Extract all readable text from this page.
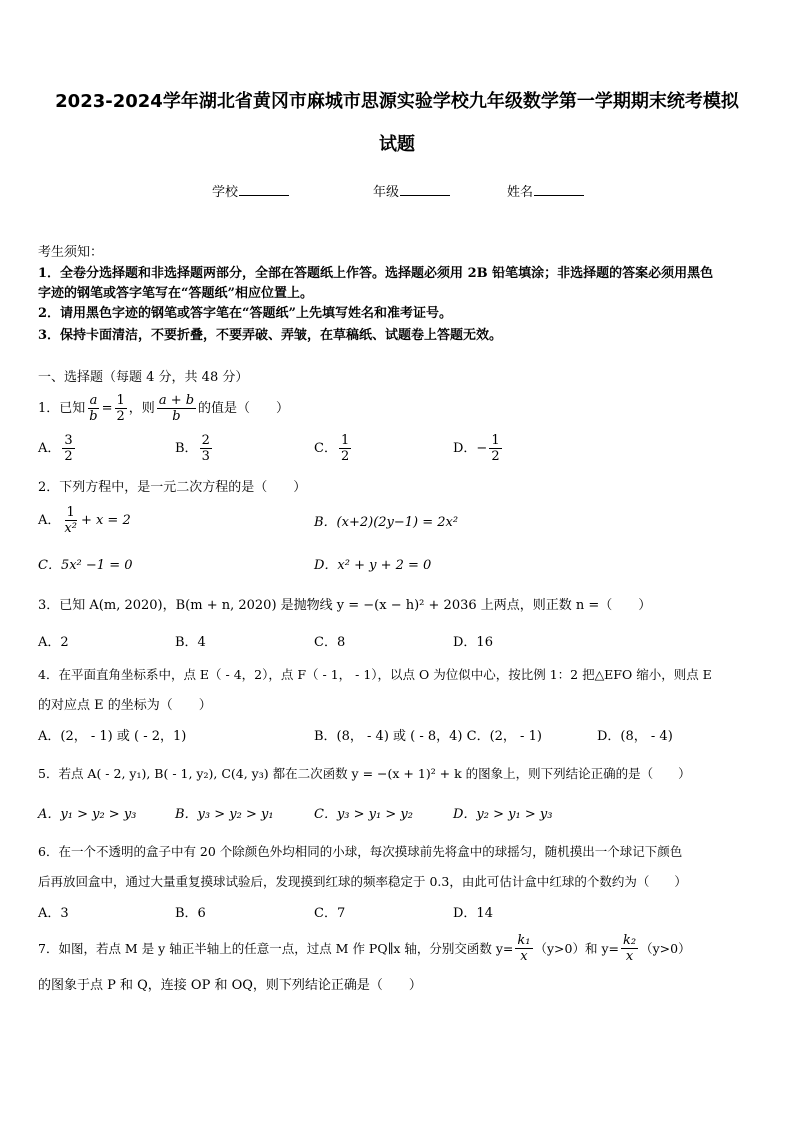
2023-2024学年湖北省黄冈市麻城市思源实验学校九年级数学第一学期期末统考模拟
试题
学校	年级	姓名
考生须知：
1．全卷分选择题和非选择题两部分，全部在答题纸上作答。选择题必须用 2B 铅笔填涂；非选择题的答案必须用黑色
字迹的钢笔或答字笔写在“答题纸”相应位置上。
2．请用黑色字迹的钢笔或答字笔在“答题纸”上先填写姓名和准考证号。
3．保持卡面清洁，不要折叠，不要弄破、弄皱，在草稿纸、试题卷上答题无效。
一、选择题（每题 4 分，共 48 分）
1．已知 $\frac{a}{b} = \frac{1}{2}$ ，则 $\frac{a + b}{b}$ 的值是（　　）
A． $\frac{3}{2}$	B． $\frac{2}{3}$	C． $\frac{1}{2}$	D．− $\frac{1}{2}$
2．下列方程中，是一元二次方程的是（　　）
A． $\frac{1}{\text{x²}} + x = 2$	B．(x+2)(2y−1) = 2x²
C．5x² −1 = 0	D．x² + y + 2 = 0
3．已知 A(m, 2020)，B(m + n, 2020) 是抛物线 y = −(x − h)² + 2036 上两点，则正数 n =（　　）
A．2	B．4	C．8	D．16
4．在平面直角坐标系中，点 E（ - 4，2），点 F（ - 1， - 1），以点 O 为位似中心，按比例 1：2 把△EFO 缩小，则点 E
的对应点 E 的坐标为（　　）
A．(2， - 1) 或 ( - 2，1)	B．(8， - 4) 或 ( - 8，4) C．(2， - 1)	D．(8， - 4)
5．若点 A( - 2, y₁), B( - 1, y₂), C(4, y₃) 都在二次函数 y = −(x + 1)² + k 的图象上，则下列结论正确的是（　　）
A．y₁ > y₂ > y₃	B．y₃ > y₂ > y₁	C．y₃ > y₁ > y₂	D．y₂ > y₁ > y₃
6．在一个不透明的盒子中有 20 个除颜色外均相同的小球，每次摸球前先将盒中的球摇匀，随机摸出一个球记下颜色
后再放回盒中，通过大量重复摸球试验后，发现摸到红球的频率稳定于 0.3，由此可估计盒中红球的个数约为（　　）
A．3	B．6	C．7	D．14
7．如图，若点 M 是 y 轴正半轴上的任意一点，过点 M 作 PQ∥x 轴，分别交函数 $y= \frac{\text{k₁}}{x} (y>0)$和 $y= \frac{\text{k₂}}{x} (y>0)$
的图象于点 P 和 Q，连接 OP 和 OQ，则下列结论正确是（　　）
